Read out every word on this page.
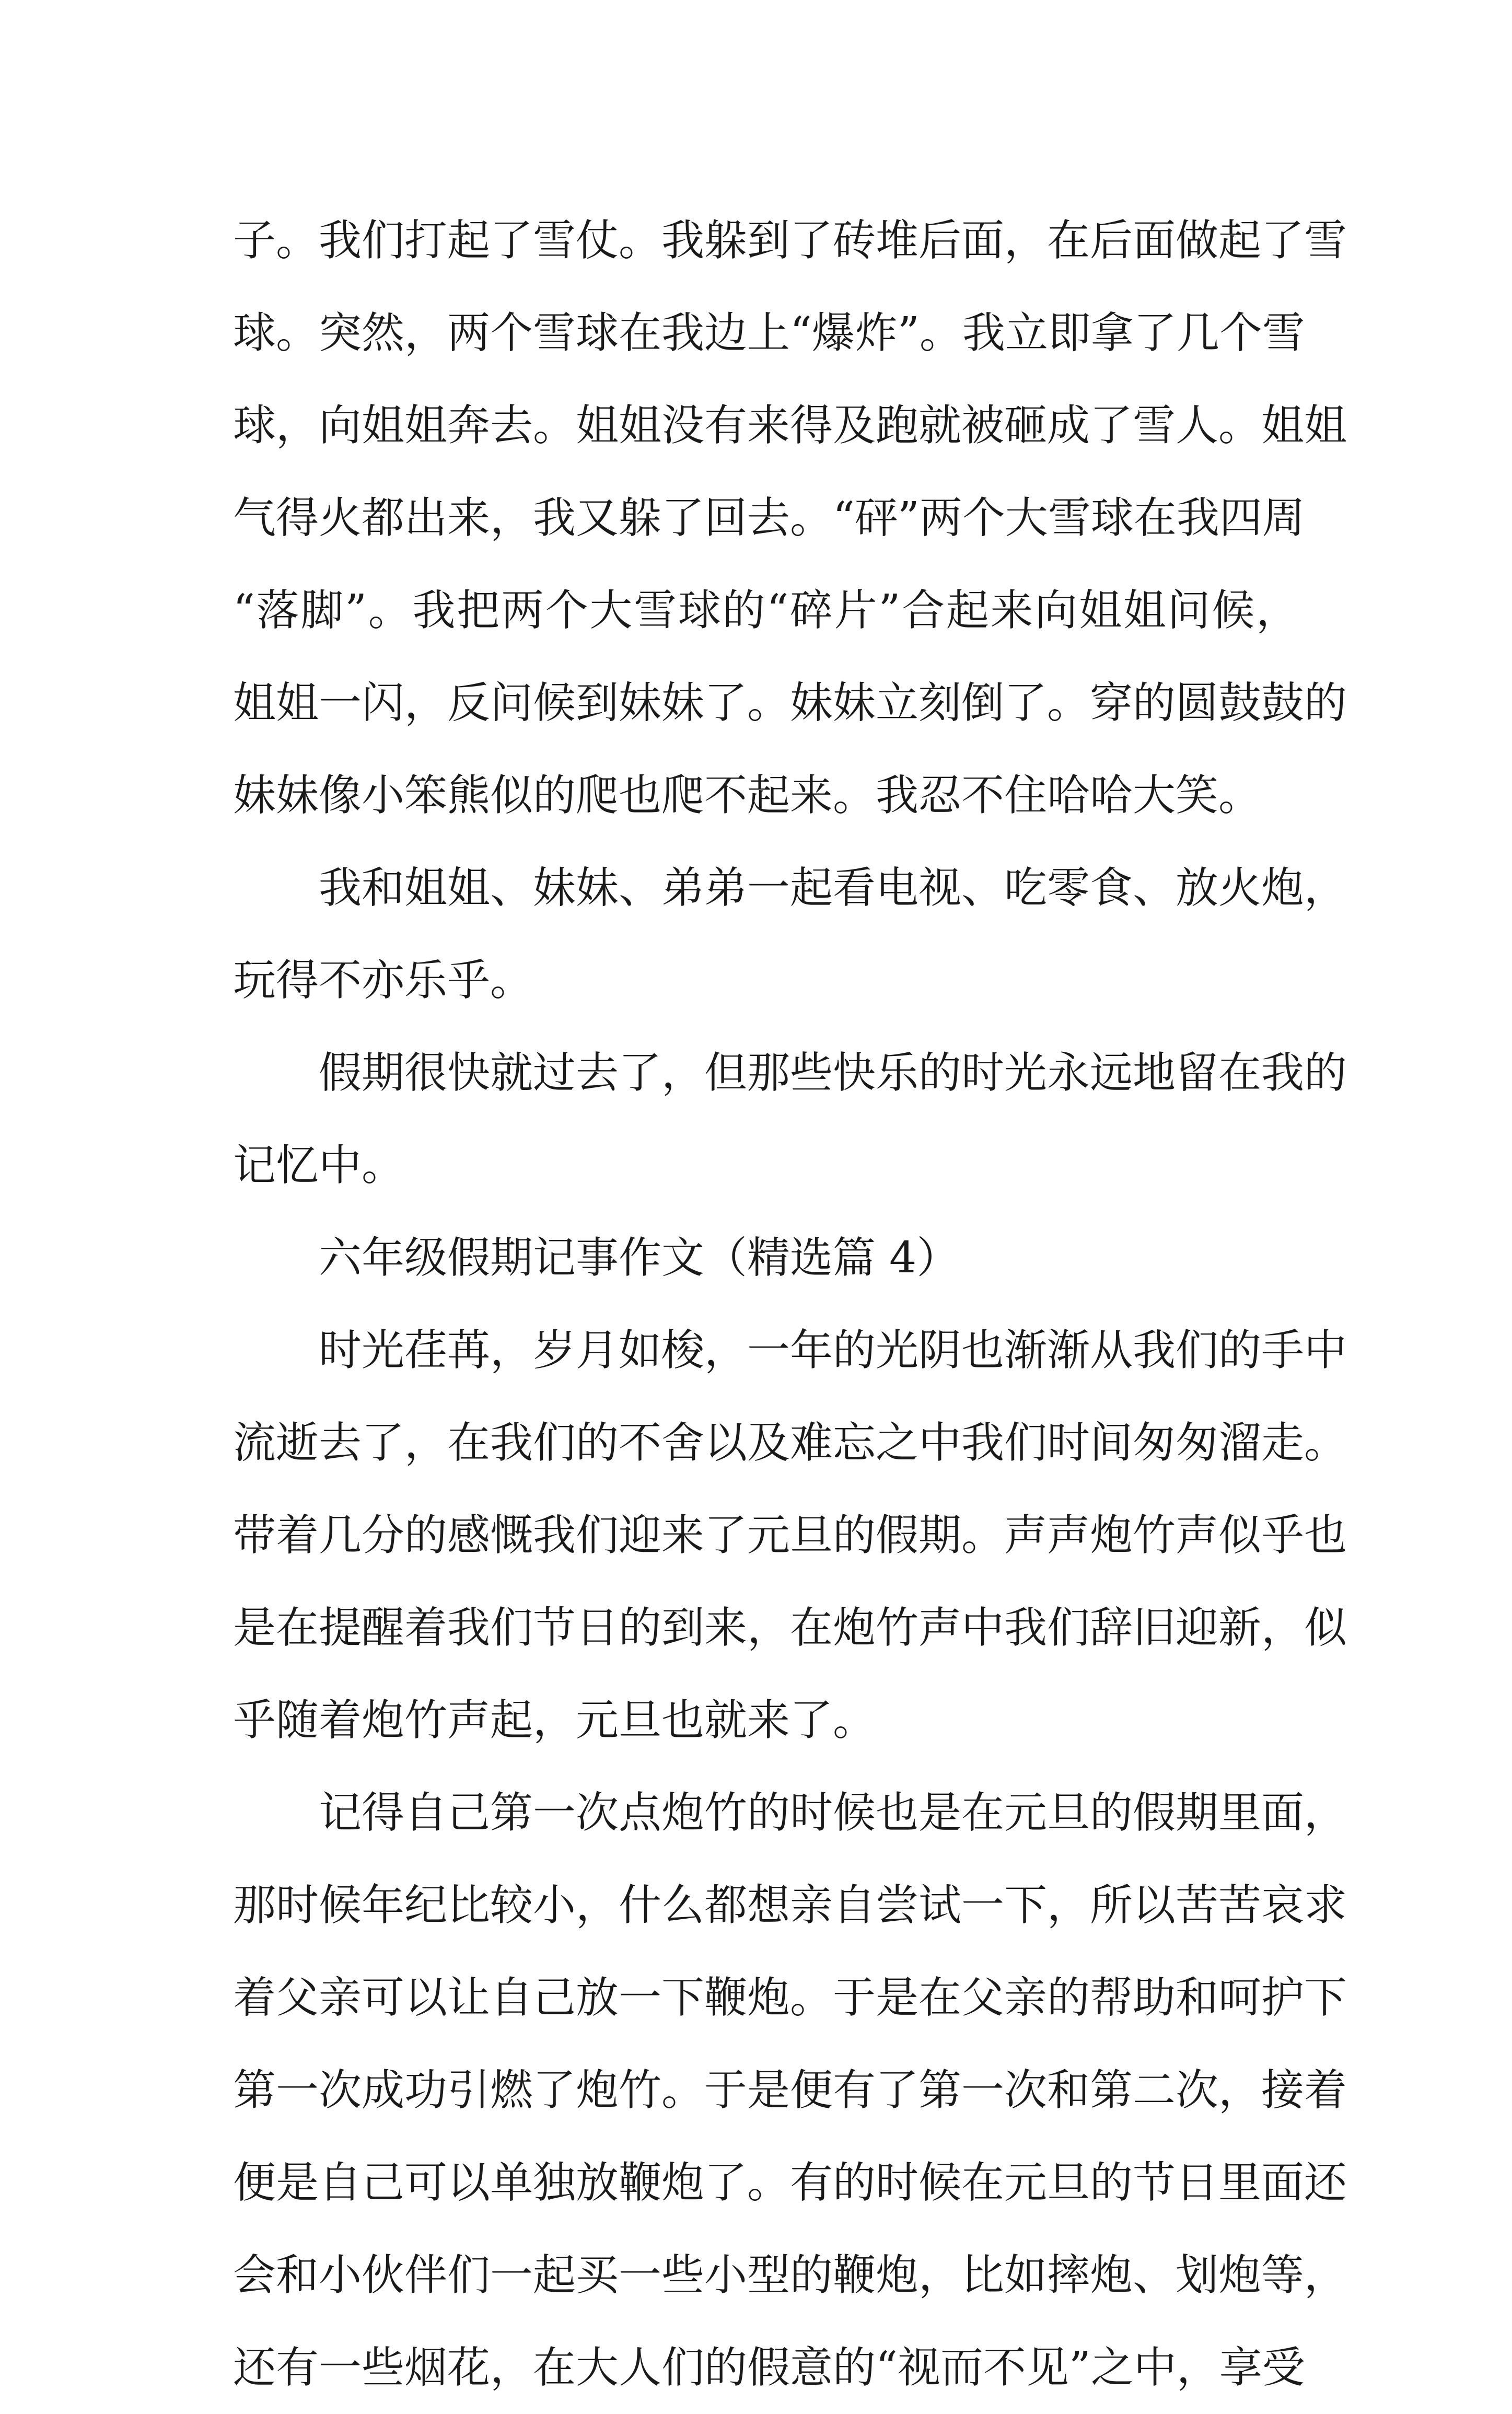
子。我们打起了雪仗。我躲到了砖堆后面，在后面做起了雪
球。突然，两个雪球在我边上“爆炸”。我立即拿了几个雪
球，向姐姐奔去。姐姐没有来得及跑就被砸成了雪人。姐姐
气得火都出来，我又躲了回去。“砰”两个大雪球在我四周
“落脚”。我把两个大雪球的“碎片”合起来向姐姐问候，
姐姐一闪，反问候到妹妹了。妹妹立刻倒了。穿的圆鼓鼓的
妹妹像小笨熊似的爬也爬不起来。我忍不住哈哈大笑。
我和姐姐、妹妹、弟弟一起看电视、吃零食、放火炮，
玩得不亦乐乎。
假期很快就过去了，但那些快乐的时光永远地留在我的
记忆中。
六年级假期记事作文（精选篇 4）
时光荏苒，岁月如梭，一年的光阴也渐渐从我们的手中
流逝去了，在我们的不舍以及难忘之中我们时间匆匆溜走。
带着几分的感慨我们迎来了元旦的假期。声声炮竹声似乎也
是在提醒着我们节日的到来，在炮竹声中我们辞旧迎新，似
乎随着炮竹声起，元旦也就来了。
记得自己第一次点炮竹的时候也是在元旦的假期里面，
那时候年纪比较小，什么都想亲自尝试一下，所以苦苦哀求
着父亲可以让自己放一下鞭炮。于是在父亲的帮助和呵护下
第一次成功引燃了炮竹。于是便有了第一次和第二次，接着
便是自己可以单独放鞭炮了。有的时候在元旦的节日里面还
会和小伙伴们一起买一些小型的鞭炮，比如摔炮、划炮等，
还有一些烟花，在大人们的假意的“视而不见”之中，享受
